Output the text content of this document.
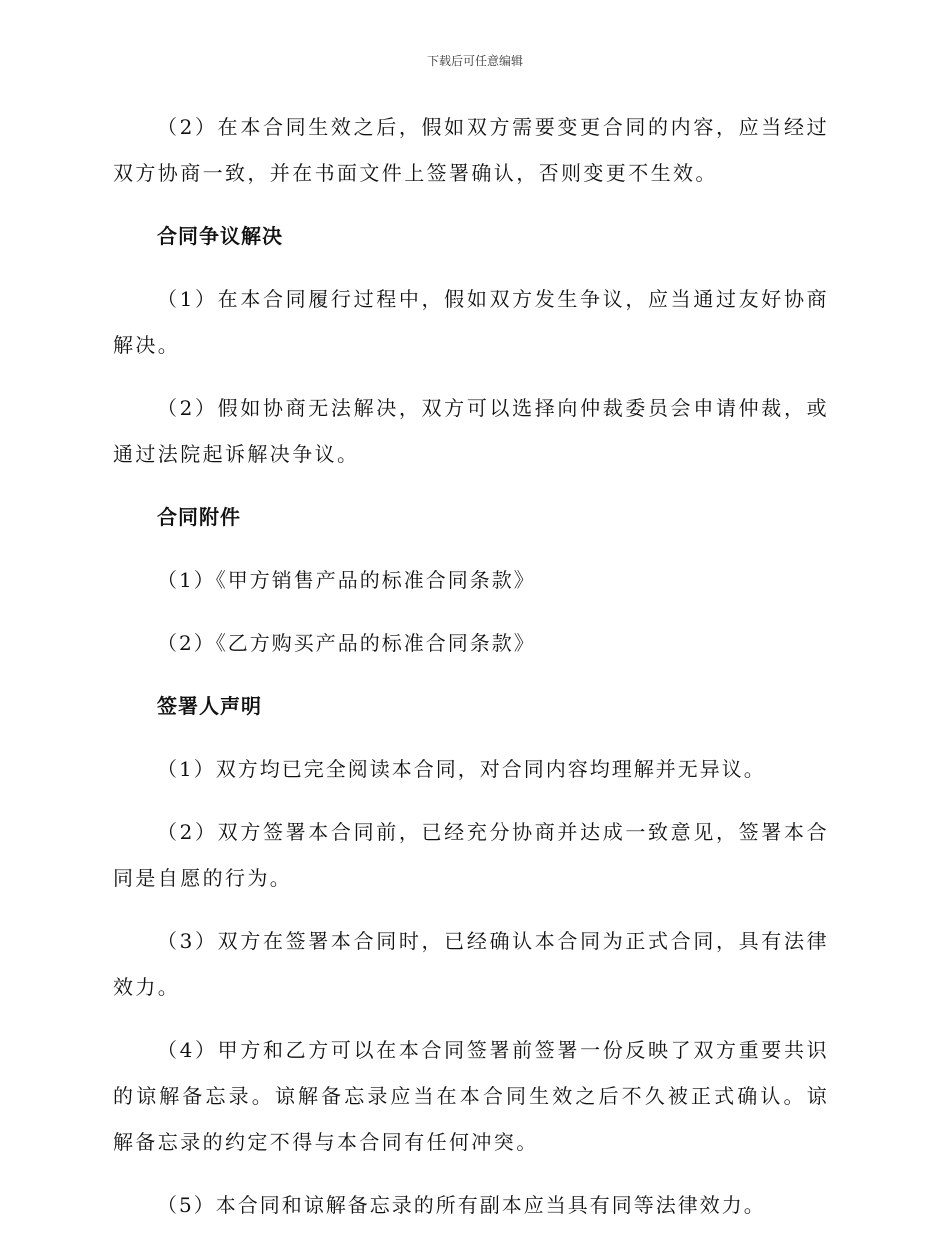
下载后可任意编辑

（2）在本合同生效之后，假如双方需要变更合同的内容，应当经过双方协商一致，并在书面文件上签署确认，否则变更不生效。

合同争议解决

（1）在本合同履行过程中，假如双方发生争议，应当通过友好协商解决。

（2）假如协商无法解决，双方可以选择向仲裁委员会申请仲裁，或通过法院起诉解决争议。

合同附件

（1）《甲方销售产品的标准合同条款》

（2）《乙方购买产品的标准合同条款》

签署人声明

（1）双方均已完全阅读本合同，对合同内容均理解并无异议。

（2）双方签署本合同前，已经充分协商并达成一致意见，签署本合同是自愿的行为。

（3）双方在签署本合同时，已经确认本合同为正式合同，具有法律效力。

（4）甲方和乙方可以在本合同签署前签署一份反映了双方重要共识的谅解备忘录。谅解备忘录应当在本合同生效之后不久被正式确认。谅解备忘录的约定不得与本合同有任何冲突。

（5）本合同和谅解备忘录的所有副本应当具有同等法律效力。
